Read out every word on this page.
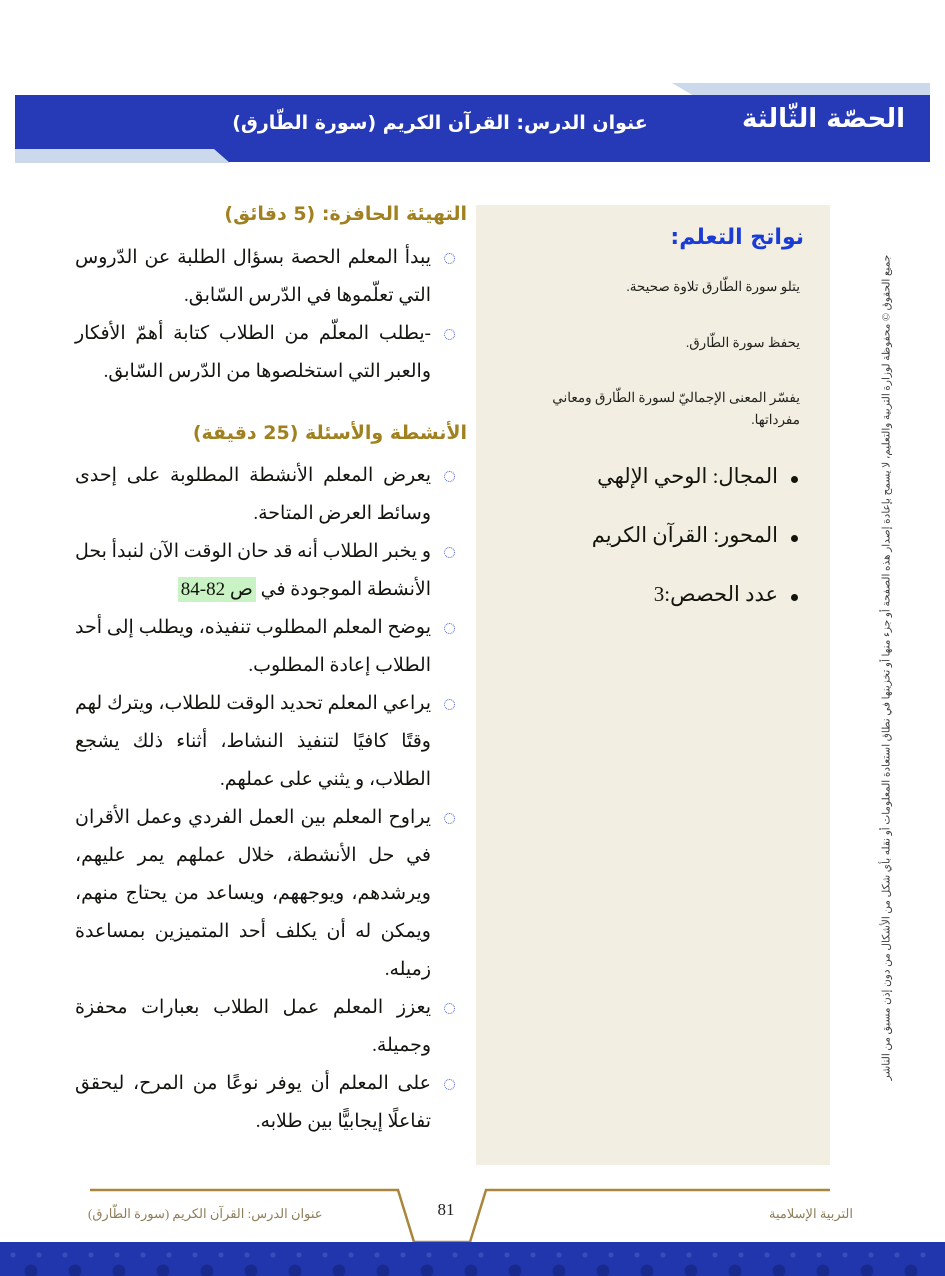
الحصّة الثّالثة
عنوان الدرس: القرآن الكريم (سورة الطّارق)
نواتج التعلم:

يتلو سورة الطّارق تلاوة صحيحة.

يحفظ سورة الطّارق.

يفسّر المعنى الإجماليّ لسورة الطّارق ومعاني مفرداتها.

المجال: الوحي الإلهي
المحور: القرآن الكريم
عدد الحصص:3
التهيئة الحافزة: (5 دقائق)
يبدأ المعلم الحصة بسؤال الطلبة عن الدّروس التي تعلّموها في الدّرس السّابق.
-يطلب المعلّم من الطلاب كتابة أهمّ الأفكار والعبر التي استخلصوها من الدّرس السّابق.
الأنشطة والأسئلة (25 دقيقة)
يعرض المعلم الأنشطة المطلوبة على إحدى وسائط العرض المتاحة.
و يخبر الطلاب أنه قد حان الوقت الآن لنبدأ بحل الأنشطة الموجودة في ص 82-84
يوضح المعلم المطلوب تنفيذه، ويطلب إلى أحد الطلاب إعادة المطلوب.
يراعي المعلم تحديد الوقت للطلاب، ويترك لهم وقتًا كافيًا لتنفيذ النشاط، أثناء ذلك يشجع الطلاب، و يثني على عملهم.
يراوح المعلم بين العمل الفردي وعمل الأقران في حل الأنشطة، خلال عملهم يمر عليهم، ويرشدهم، ويوجههم، ويساعد من يحتاج منهم، ويمكن له أن يكلف أحد المتميزين بمساعدة زميله.
يعزز المعلم عمل الطلاب بعبارات محفزة وجميلة.
على المعلم أن يوفر نوعًا من المرح، ليحقق تفاعلًا إيجابيًّا بين طلابه.
جميع الحقوق © محفوظة لوزارة التربية والتعليم، لا يسمح بإعادة إصدار هذه الصفحة أو جزء منها أو تخزينها في نطاق استعادة المعلومات أو نقله بأي شكل من الأشكال من دون إذن مسبق من الناشر
81
عنوان الدرس: القرآن الكريم (سورة الطّارق)	التربية الإسلامية
